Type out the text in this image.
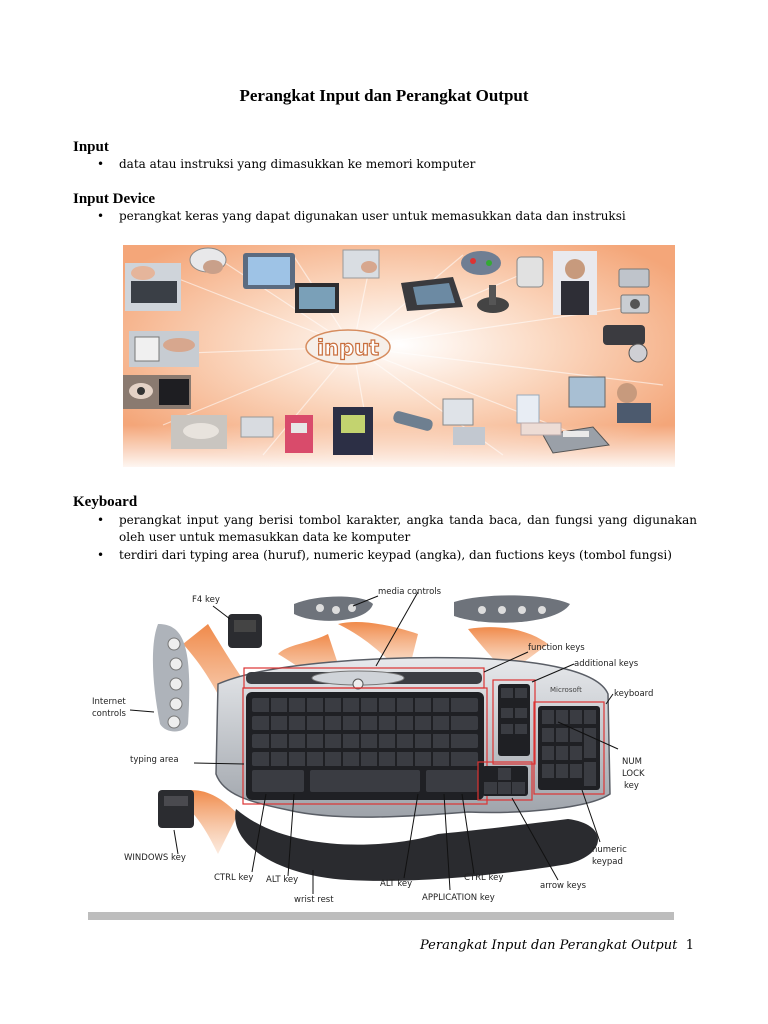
Perangkat Input dan Perangkat Output
Input
• data atau instruksi yang dimasukkan ke memori komputer
Input Device
• perangkat keras yang dapat digunakan user untuk memasukkan data dan instruksi
input
Keyboard
• perangkat input yang berisi tombol karakter, angka tanda baca, dan fungsi yang digunakan oleh user untuk memasukkan data ke komputer
• terdiri dari typing area (huruf), numeric keypad (angka), dan fuctions keys (tombol fungsi)
Microsoft
F4 key
media controls
function keys
additional keys
keyboard
Internet
controls
typing area	NUM
LOCK
key
WINDOWS key
numeric
keypad
CTRL key ALT key
wrist rest
ALT key
APPLICATION key
CTRL key
arrow keys
Perangkat Input dan Perangkat Output 1
